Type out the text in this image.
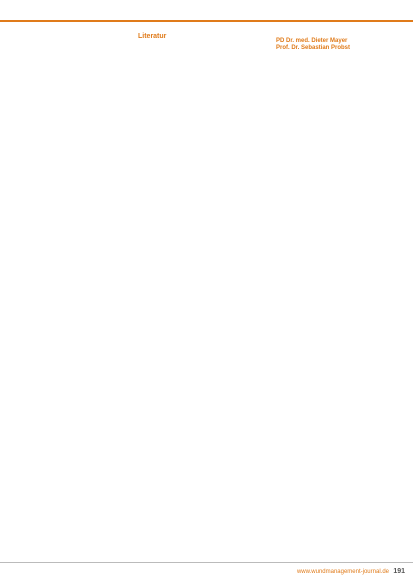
Literatur
PD Dr. med. Dieter Mayer
Prof. Dr. Sebastian Probst
www.wundmanagement-journal.de 191
